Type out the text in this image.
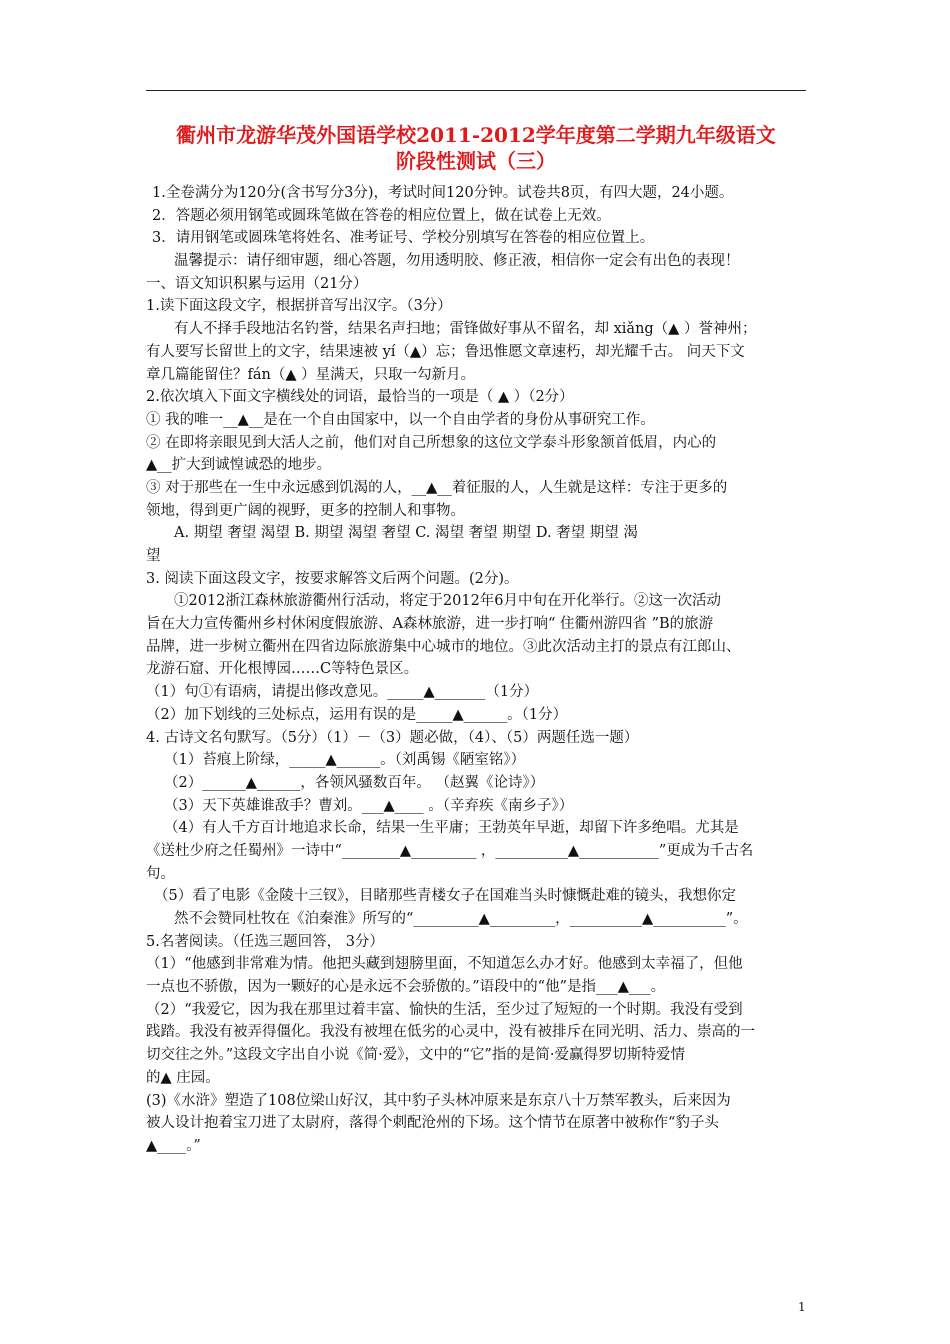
衢州市龙游华茂外国语学校2011-2012学年度第二学期九年级语文
阶段性测试（三）
1.全卷满分为120分(含书写分3分)，考试时间120分钟。试卷共8页，有四大题，24小题。
2．答题必须用钢笔或圆珠笔做在答卷的相应位置上，做在试卷上无效。
3．请用钢笔或圆珠笔将姓名、准考证号、学校分别填写在答卷的相应位置上。
温馨提示：请仔细审题，细心答题，勿用透明胶、修正液，相信你一定会有出色的表现！
一、语文知识积累与运用（21分）
1.读下面这段文字，根据拼音写出汉字。（3分）
有人不择手段地沽名钓誉，结果名声扫地；雷锋做好事从不留名，却 xiǎng（▲ ）誉神州；
有人要写长留世上的文字，结果速被 yí（▲）忘；鲁迅惟愿文章速朽，却光耀千古。 问天下文
章几篇能留住？fán（▲ ）星满天，只取一勾新月。
2.依次填入下面文字横线处的词语，最恰当的一项是（ ▲ ）（2分）
① 我的唯一__▲__是在一个自由国家中，以一个自由学者的身份从事研究工作。
② 在即将亲眼见到大活人之前，他们对自己所想象的这位文学泰斗形象颔首低眉，内心的
▲__扩大到诚惶诚恐的地步。
③ 对于那些在一生中永远感到饥渴的人，__▲__着征服的人，人生就是这样：专注于更多的
领地，得到更广阔的视野，更多的控制人和事物。
A. 期望 奢望 渴望 B. 期望 渴望 奢望 C. 渴望 奢望 期望 D. 奢望 期望 渴
望
3. 阅读下面这段文字，按要求解答文后两个问题。(2分)。
①2012浙江森林旅游衢州行活动，将定于2012年6月中旬在开化举行。②这一次活动
旨在大力宣传衢州乡村休闲度假旅游、A森林旅游，进一步打响“ 住衢州游四省 ”B的旅游
品牌，进一步树立衢州在四省边际旅游集中心城市的地位。③此次活动主打的景点有江郎山、
龙游石窟、开化根博园……C等特色景区。
（1）句①有语病，请提出修改意见。_____▲_______（1分）
（2）加下划线的三处标点，运用有误的是_____▲______。（1分）
4. 古诗文名句默写。（5分）（1）－（3）题必做，（4）、（5）两题任选一题）
（1）苔痕上阶绿，_____▲______。（刘禹锡《陋室铭》）
（2）______▲______，各领风骚数百年。 （赵翼《论诗》）
（3）天下英雄谁敌手？曹刘。___▲____ 。（辛弃疾《南乡子》）
（4）有人千方百计地追求长命，结果一生平庸；王勃英年早逝，却留下许多绝唱。尤其是
《送杜少府之任蜀州》一诗中“________▲_________ ，__________▲___________”更成为千古名
句。
（5）看了电影《金陵十三钗》，目睹那些青楼女子在国难当头时慷慨赴难的镜头，我想你定
然不会赞同杜牧在《泊秦淮》所写的“_________▲_________，__________▲__________”。
5.名著阅读。（任选三题回答， 3分）
（1）“他感到非常难为情。他把头藏到翅膀里面，不知道怎么办才好。他感到太幸福了，但他
一点也不骄傲，因为一颗好的心是永远不会骄傲的。”语段中的“他”是指___▲___。
（2）“我爱它，因为我在那里过着丰富、愉快的生活，至少过了短短的一个时期。我没有受到
践踏。我没有被弄得僵化。我没有被埋在低劣的心灵中，没有被排斥在同光明、活力、崇高的一
切交往之外。”这段文字出自小说《简·爱》，文中的“它”指的是简·爱赢得罗切斯特爱情
的▲ 庄园。
(3)《水浒》塑造了108位梁山好汉，其中豹子头林冲原来是东京八十万禁军教头，后来因为
被人设计抱着宝刀进了太尉府，落得个刺配沧州的下场。这个情节在原著中被称作“豹子头
▲____。”
1
